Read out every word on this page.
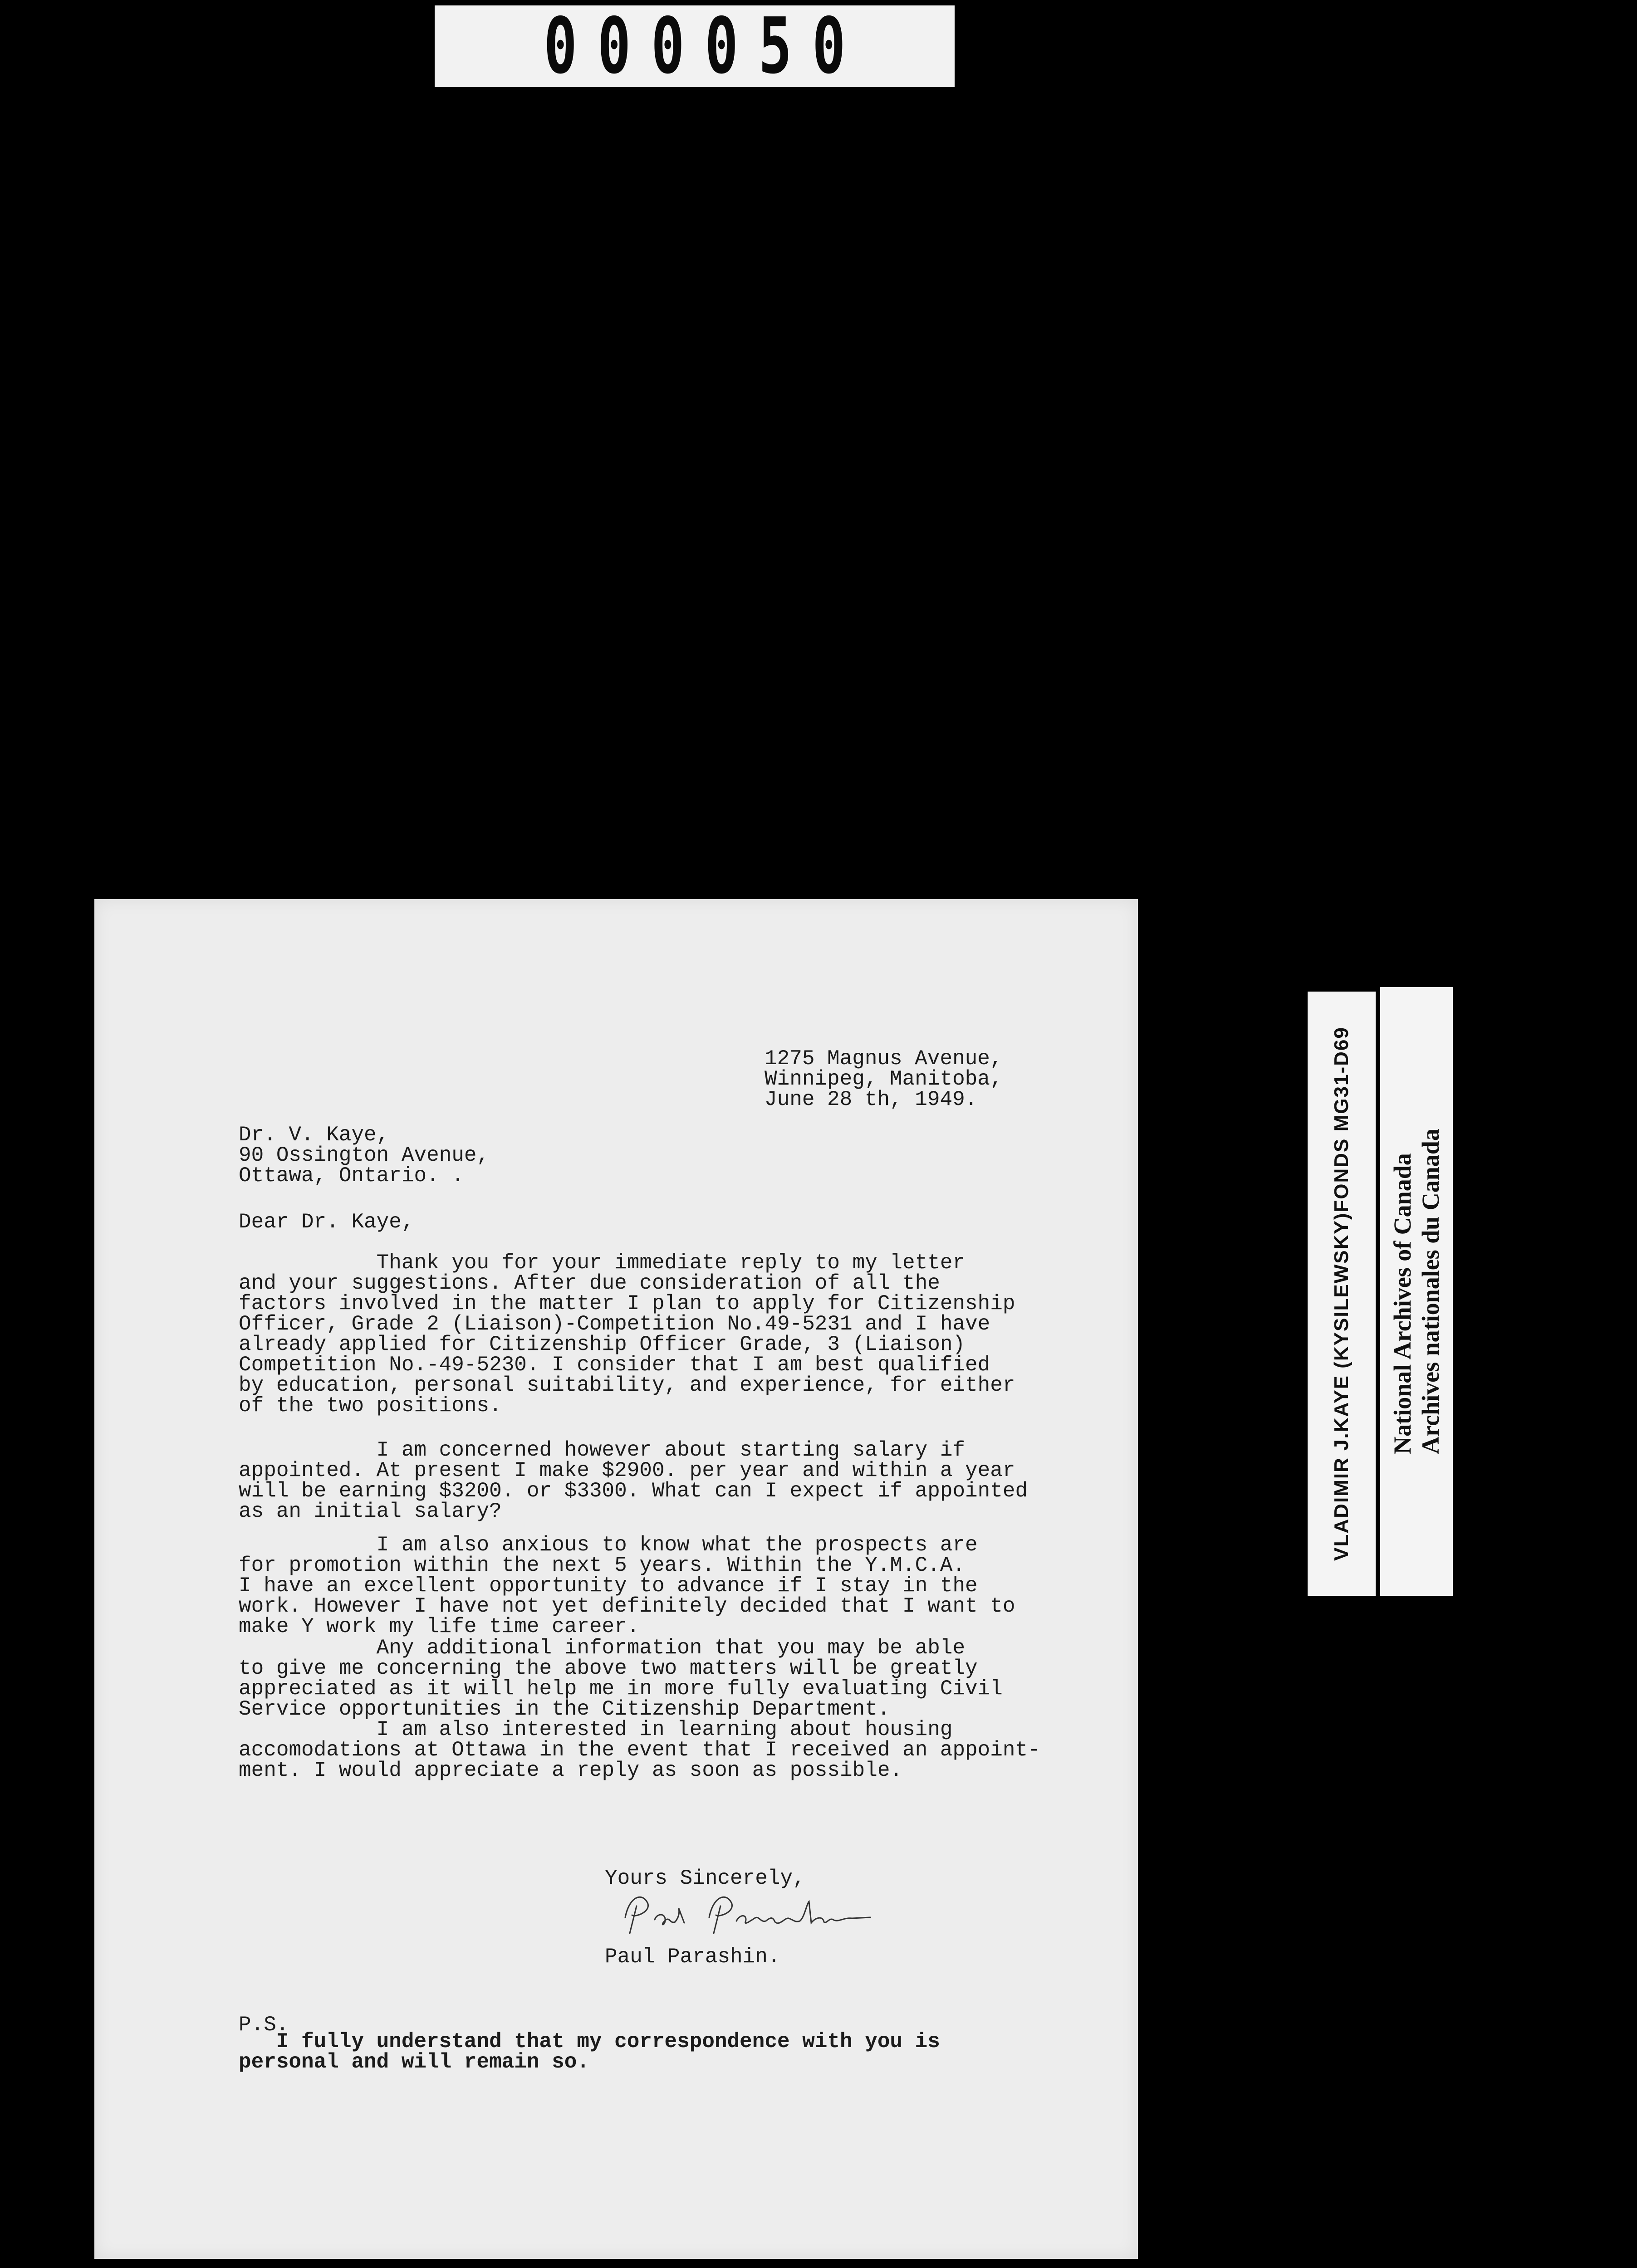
000050
1275 Magnus Avenue,
Winnipeg, Manitoba,
June 28 th, 1949.
Dr. V. Kaye,
90 Ossington Avenue,
Ottawa, Ontario. .
Dear Dr. Kaye,
Thank you for your immediate reply to my letter
and your suggestions. After due consideration of all the
factors involved in the matter I plan to apply for Citizenship
Officer, Grade 2 (Liaison)-Competition No.49-5231 and I have
already applied for Citizenship Officer Grade, 3 (Liaison)
Competition No.-49-5230. I consider that I am best qualified
by education, personal suitability, and experience, for either
of the two positions.
I am concerned however about starting salary if
appointed. At present I make $2900. per year and within a year
will be earning $3200. or $3300. What can I expect if appointed
as an initial salary?
I am also anxious to know what the prospects are
for promotion within the next 5 years. Within the Y.M.C.A.
I have an excellent opportunity to advance if I stay in the
work. However I have not yet definitely decided that I want to
make Y work my life time career.
Any additional information that you may be able
to give me concerning the above two matters will be greatly
appreciated as it will help me in more fully evaluating Civil
Service opportunities in the Citizenship Department.
I am also interested in learning about housing
accomodations at Ottawa in the event that I received an appoint-
ment. I would appreciate a reply as soon as possible.
Yours Sincerely,
Paul Parashin.
P.S.
I fully understand that my correspondence with you is
personal and will remain so.
VLADIMIR J.KAYE (KYSILEWSKY)FONDS MG31-D69 National Archives of Canada Archives nationales du Canada
